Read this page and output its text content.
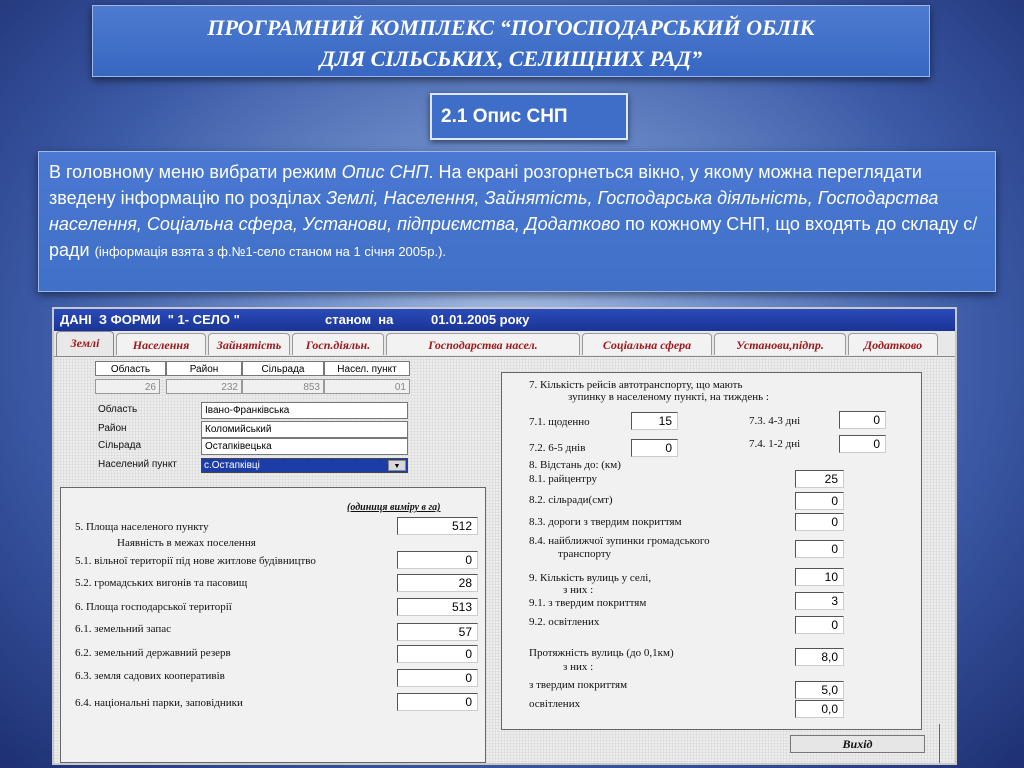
ПРОГРАМНИЙ КОМПЛЕКС “ПОГОСПОДАРСЬКИЙ ОБЛІК
ДЛЯ СІЛЬСЬКИХ, СЕЛИЩНИХ РАД”
2.1 Опис СНП
В головному меню вибрати режим Опис СНП. На екрані розгорнеться вікно, у якому можна переглядати зведену інформацію по розділах Землі, Населення, Зайнятість, Господарська діяльність, Господарства населення, Соціальна сфера, Установи, підприємства, Додатково по кожному СНП, що входять до складу с/ради (інформація взята з ф.№1-село станом на 1 січня 2005р.).
ДАНІ  З ФОРМИ  " 1- СЕЛО "	станом  на	01.01.2005 року
Землі	Населення	Зайнятість	Госп.діяльн.	Господарства насел.	Соціальна сфера	Установи,підпр.	Додатково
Область	Район	Сільрада	Насел. пункт
26	232	853	01
Область	Івано-Франківська
Район	Коломийський
Сільрада	Остапківецька
Населений пункт	с.Остапківці	▼
(одиниця виміру в га)
5. Площа населеного пункту	512
Наявність в межах поселення
5.1. вільної території під нове житлове будівництво	0
5.2. громадських вигонів та пасовищ	28
6. Площа господарської території	513
6.1. земельний запас	57
6.2. земельний державний резерв	0
6.3. земля садових кооперативів	0
6.4. національні парки, заповідники	0
7. Кількість рейсів автотранспорту, що мають
зупинку в населеному пункті, на тиждень :
7.1. щоденно	15	7.3. 4-3 дні	0
7.2. 6-5 днів	0	7.4. 1-2 дні	0
8. Відстань до: (км)
8.1. райцентру	25
8.2. сільради(смт)	0
8.3. дороги з твердим покриттям	0
8.4. найближчої зупинки громадського
транспорту	0
9. Кількість вулиць у селі,	10
з них :
9.1. з твердим покриттям	3
9.2. освітлених	0
Протяжність вулиць (до 0,1км)	8,0
з них :
з твердим покриттям	5,0
освітлених	0,0
Вихід
